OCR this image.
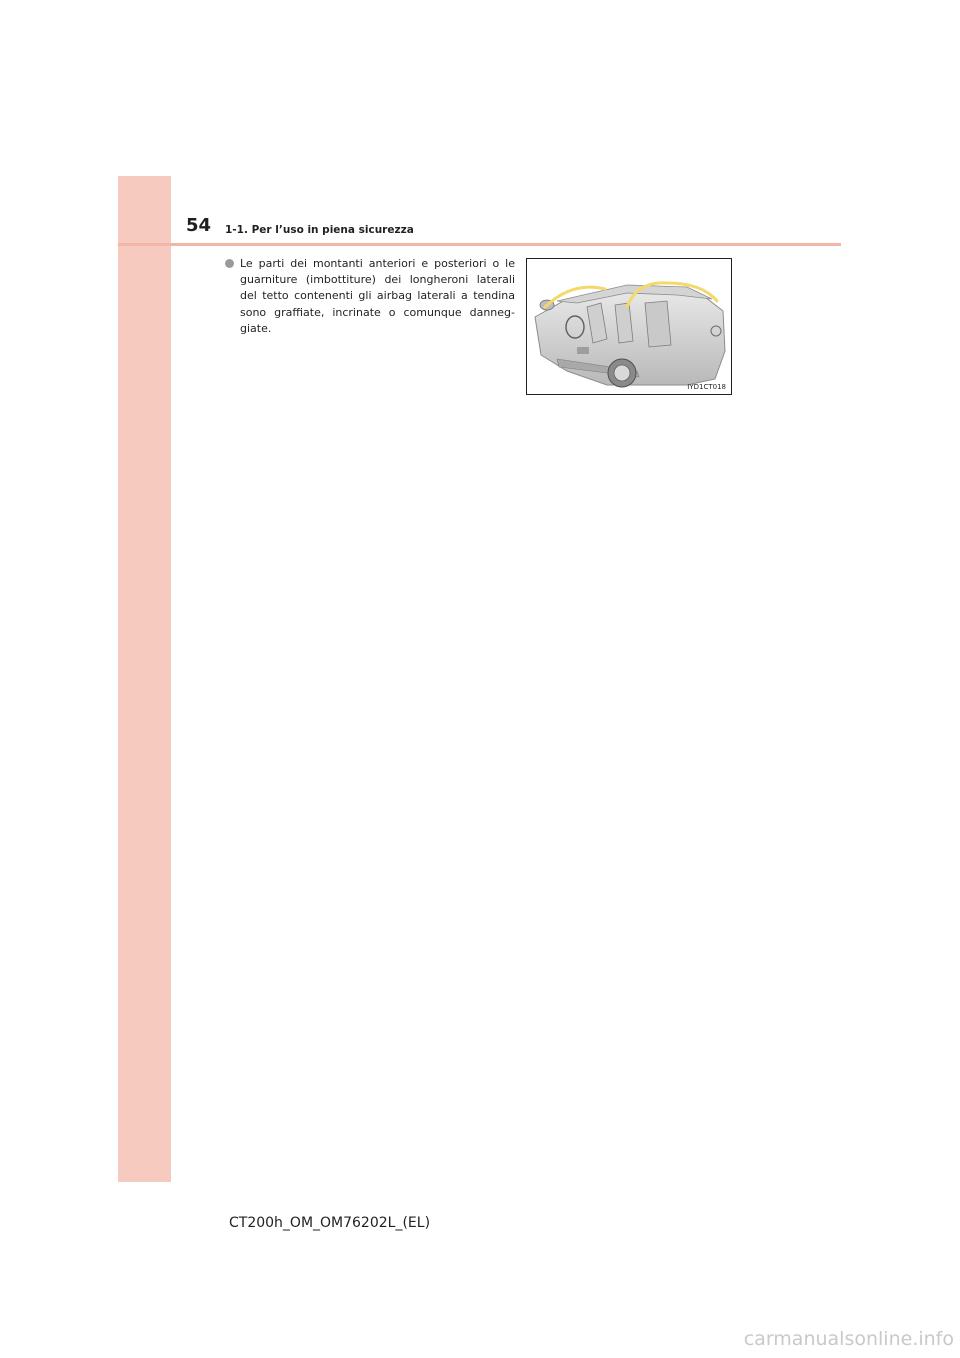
54 1-1. Per l’uso in piena sicurezza
Le parti dei montanti anteriori e posteriori o le guarniture (imbottiture) dei longheroni laterali del tetto contenenti gli airbag laterali a tendina sono graffiate, incrinate o comunque danneg-giate.
IYD1CT018
CT200h_OM_OM76202L_(EL)
carmanualsonline.info
